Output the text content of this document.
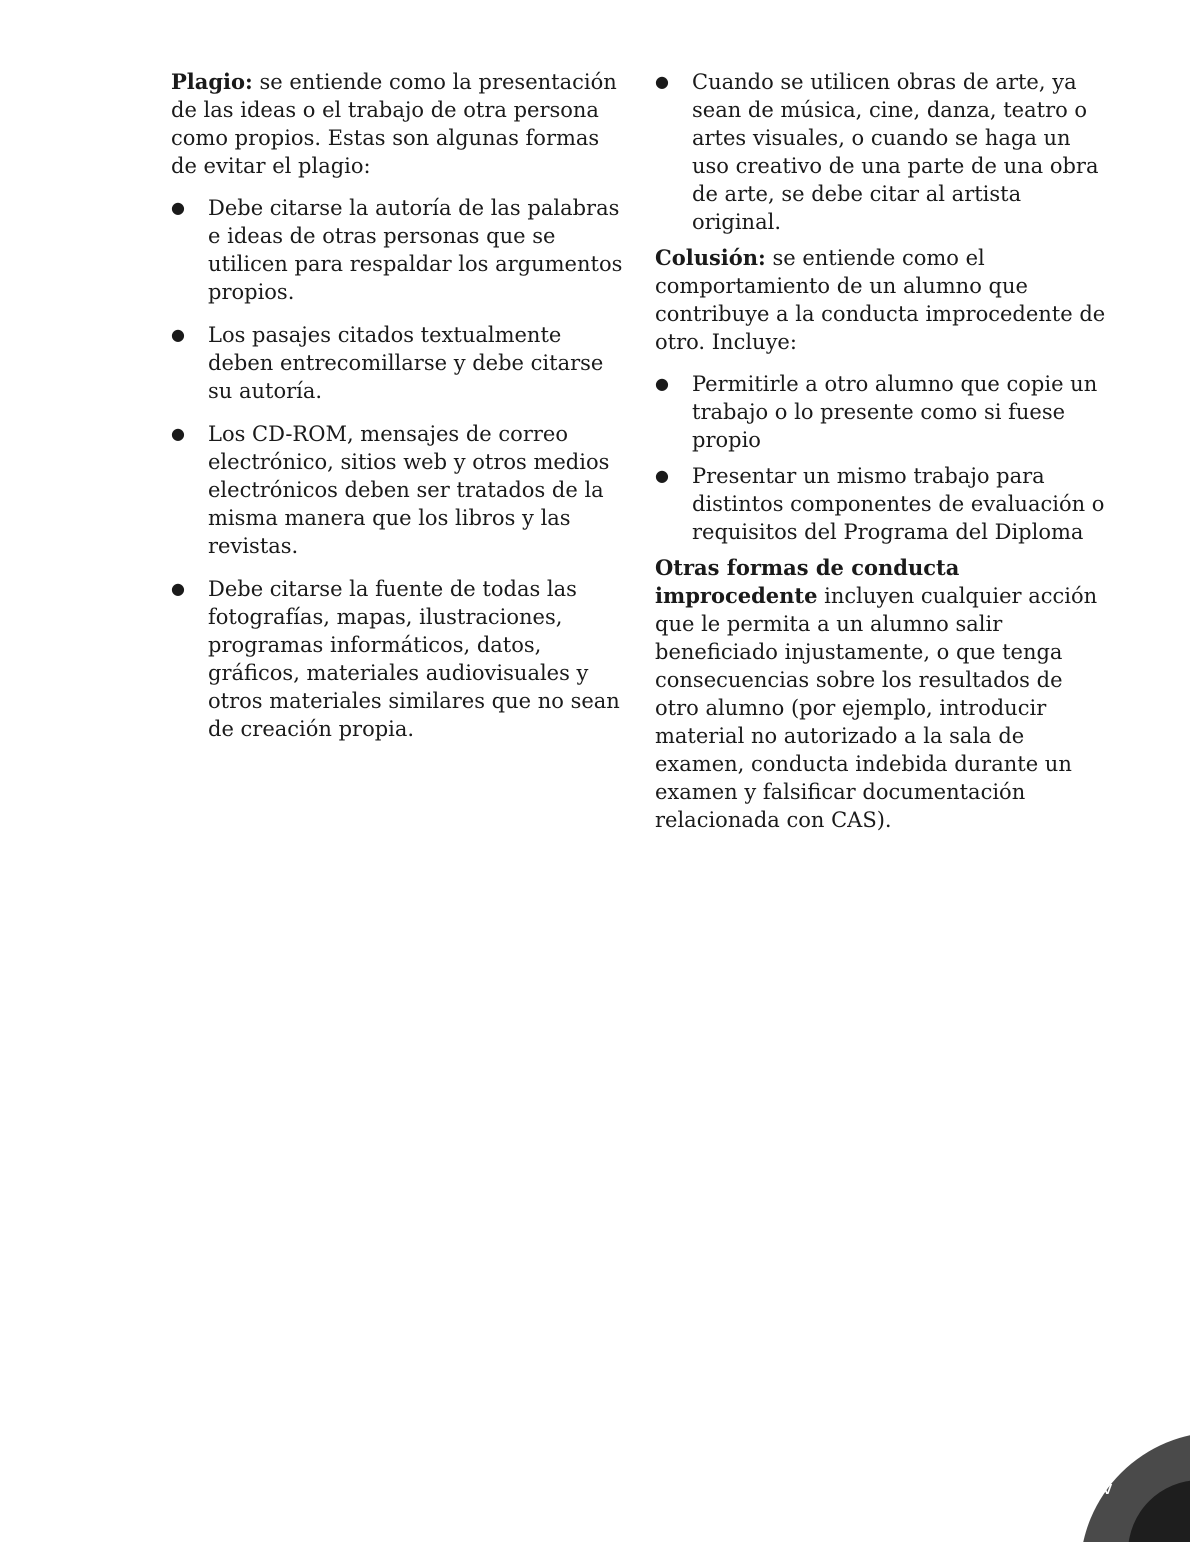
Plagio: se entiende como la presentación de las ideas o el trabajo de otra persona como propios. Estas son algunas formas de evitar el plagio:

● Debe citarse la autoría de las palabras e ideas de otras personas que se utilicen para respaldar los argumentos propios.
● Los pasajes citados textualmente deben entrecomillarse y debe citarse su autoría.
● Los CD-ROM, mensajes de correo electrónico, sitios web y otros medios electrónicos deben ser tratados de la misma manera que los libros y las revistas.
● Debe citarse la fuente de todas las fotografías, mapas, ilustraciones, programas informáticos, datos, gráficos, materiales audiovisuales y otros materiales similares que no sean de creación propia.
● Cuando se utilicen obras de arte, ya sean de música, cine, danza, teatro o artes visuales, o cuando se haga un uso creativo de una parte de una obra de arte, se debe citar al artista original.

Colusión: se entiende como el comportamiento de un alumno que contribuye a la conducta improcedente de otro. Incluye:

● Permitirle a otro alumno que copie un trabajo o lo presente como si fuese propio
● Presentar un mismo trabajo para distintos componentes de evaluación o requisitos del Programa del Diploma

Otras formas de conducta improcedente incluyen cualquier acción que le permita a un alumno salir beneficiado injustamente, o que tenga consecuencias sobre los resultados de otro alumno (por ejemplo, introducir material no autorizado a la sala de examen, conducta indebida durante un examen y falsificar documentación relacionada con CAS).

v
